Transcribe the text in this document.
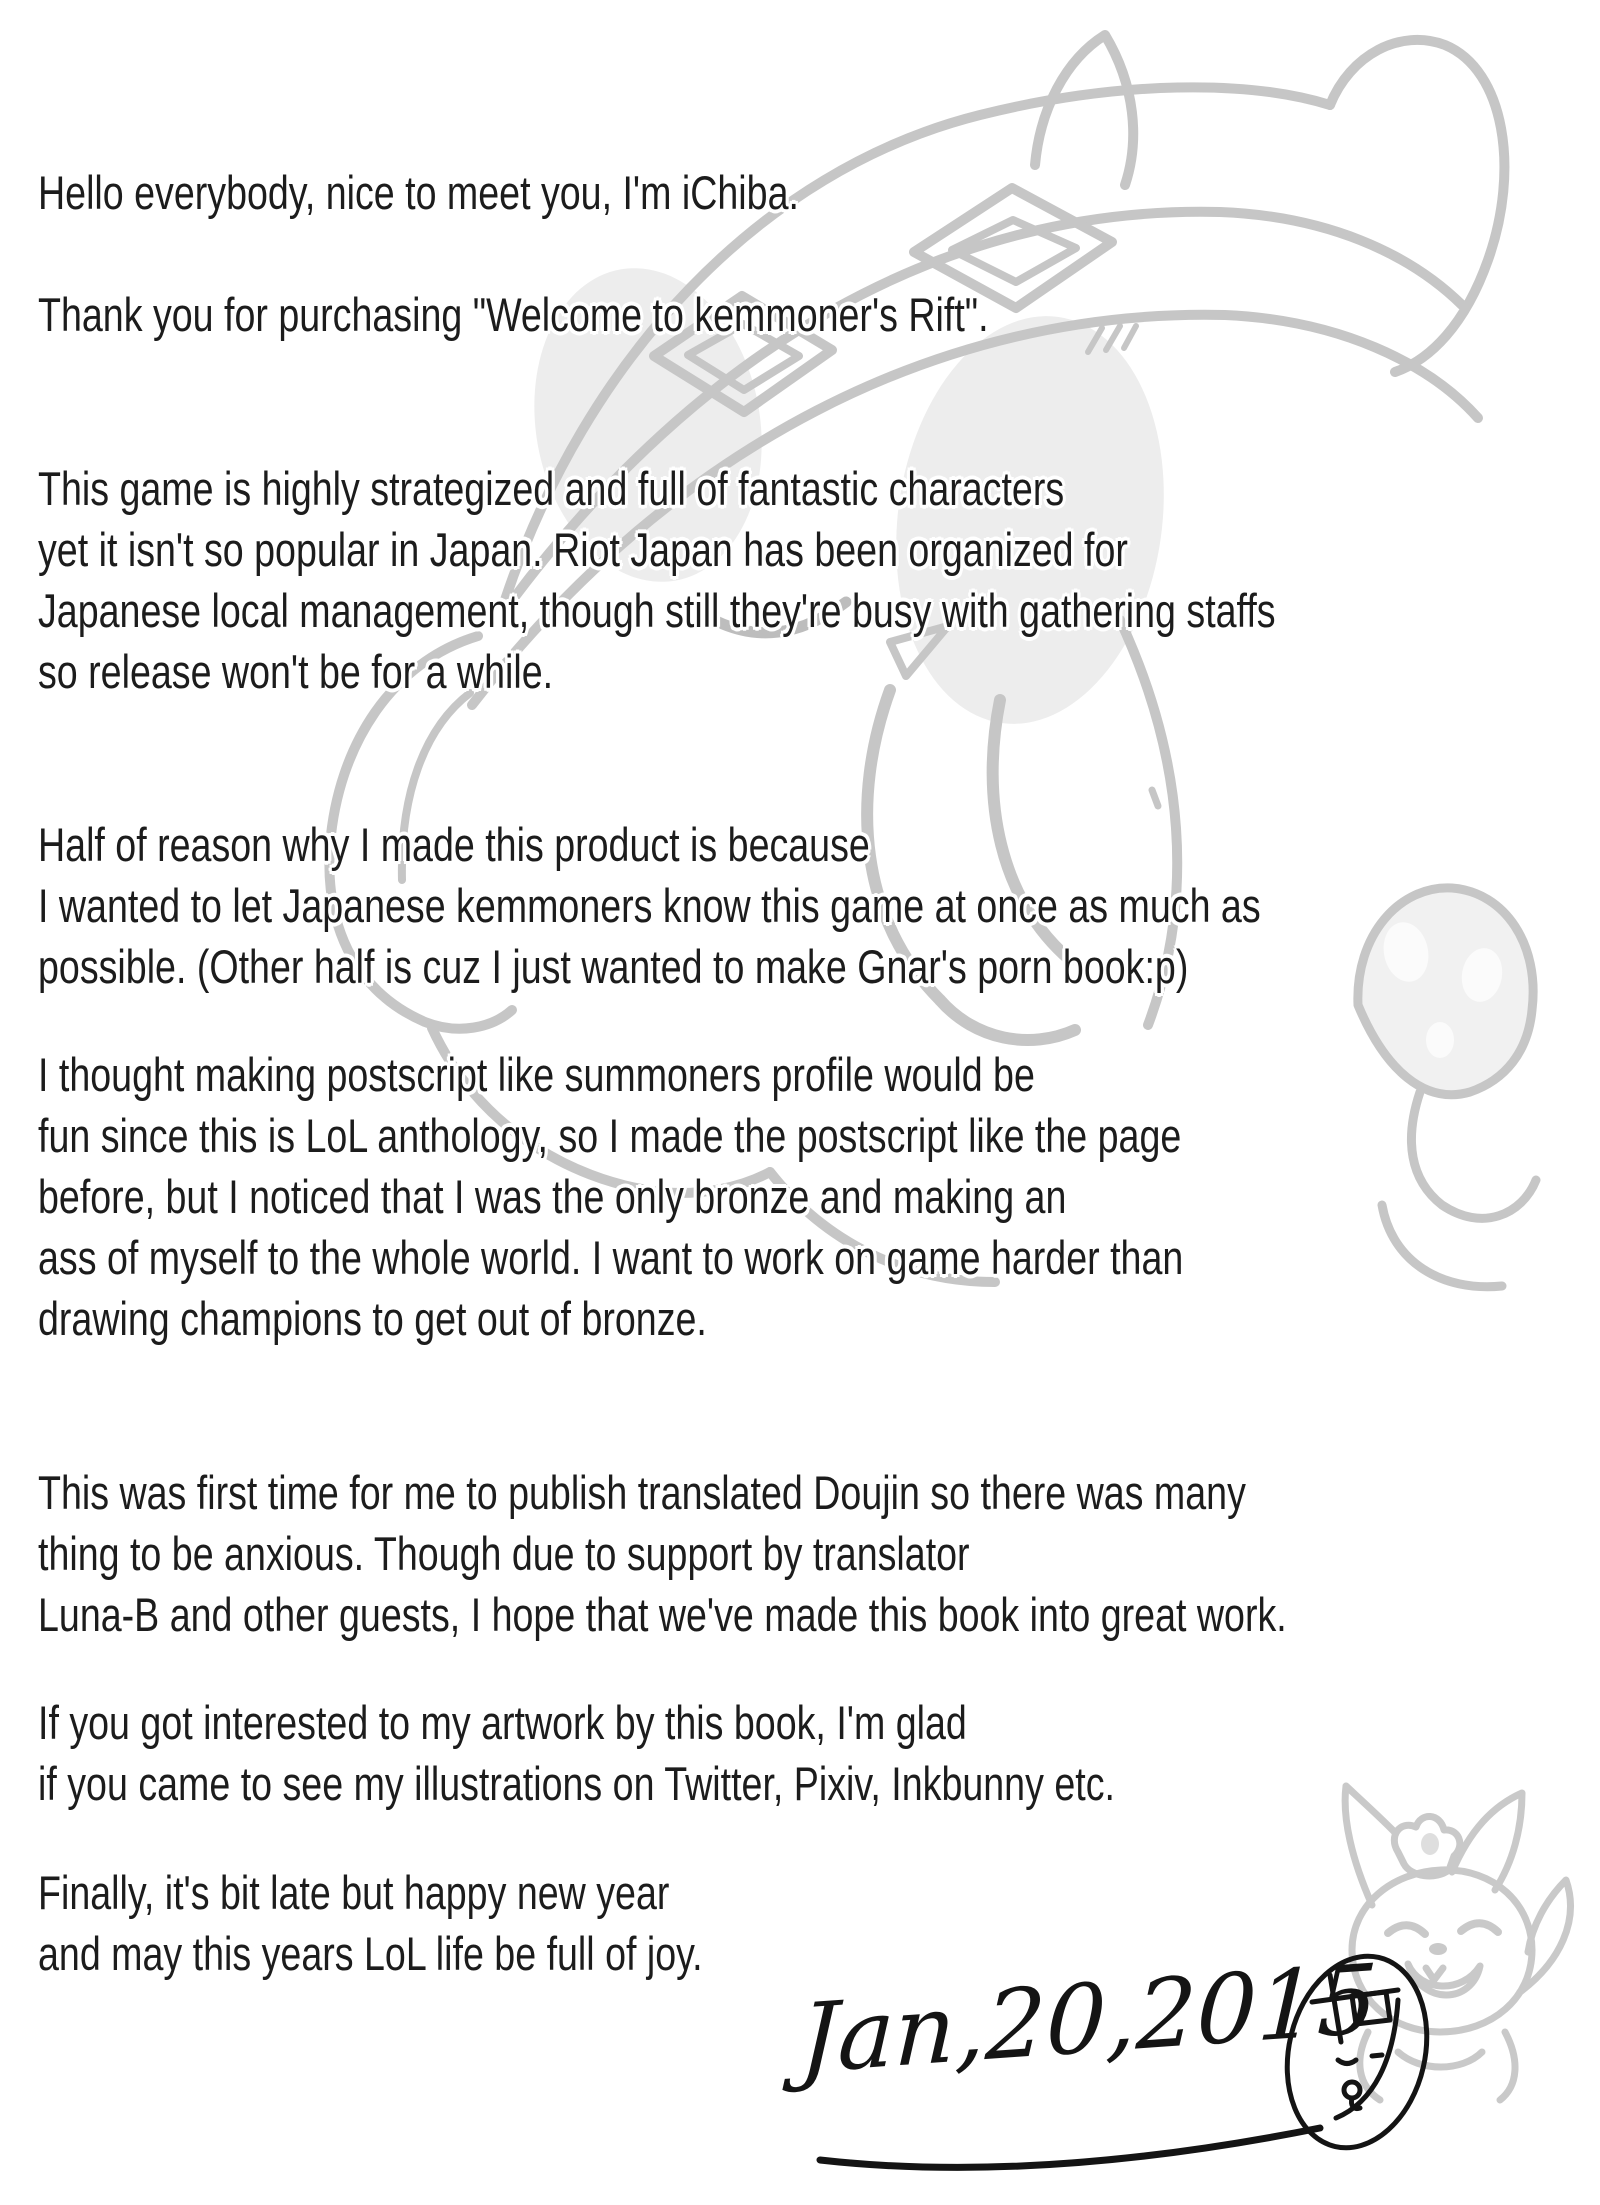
Hello everybody, nice to meet you, I'm iChiba.
Thank you for purchasing "Welcome to kemmoner's Rift".
This game is highly strategized and full of fantastic characters
yet it isn't so popular in Japan. Riot Japan has been organized for
Japanese local management, though still they're busy with gathering staffs
so release won't be for a while.
Half of reason why I made this product is because
I wanted to let Japanese kemmoners know this game at once as much as
possible. (Other half is cuz I just wanted to make Gnar's porn book:p)
I thought making postscript like summoners profile would be
fun since this is LoL anthology, so I made the postscript like the page
before, but I noticed that I was the only bronze and making an
ass of myself to the whole world. I want to work on game harder than
drawing champions to get out of bronze.
This was first time for me to publish translated Doujin so there was many
thing to be anxious. Though due to support by translator
Luna-B and other guests, I hope that we've made this book into great work.
If you got interested to my artwork by this book, I'm glad
if you came to see my illustrations on Twitter, Pixiv, Inkbunny etc.
Finally, it's bit late but happy new year
and may this years LoL life be full of joy.	Jan,20,2015
